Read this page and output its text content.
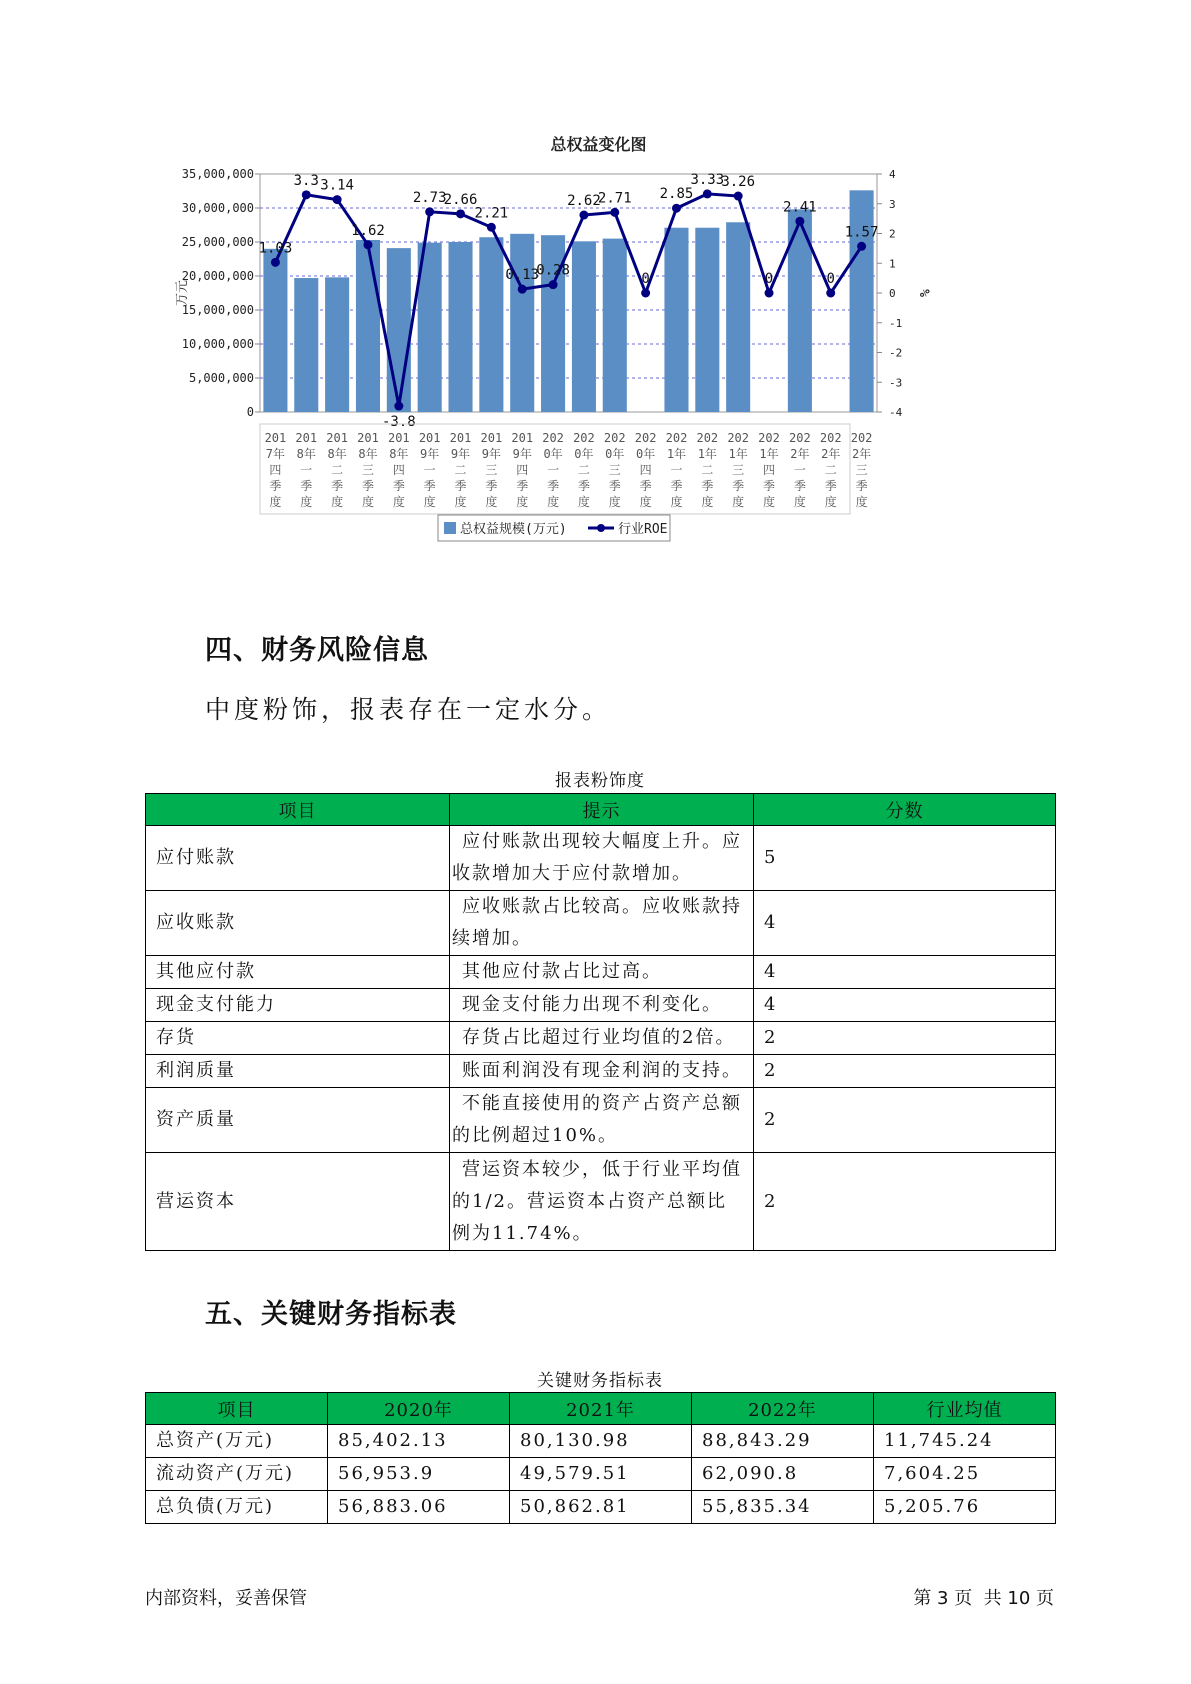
总权益变化图
0
5,000,000
10,000,000
15,000,000
20,000,000
25,000,000
30,000,000
35,000,000
-4
-3
-2
-1
0
1
2
3
4
万元	%
1.03
3.3 3.14
1.62
-3.8
2.73
2.66
2.21
0.13
0.28
2.62
2.71
0
2.85
3.33
3.26
0
2.41
0
1.57
201 7年四季度
201 8年一季度
201 8年二季度
201 8年三季度
201 8年四季度
201 9年一季度
201 9年二季度
201 9年三季度
201 9年四季度
202 0年一季度
202 0年二季度
202 0年三季度
202 0年四季度
202 1年一季度
202 1年二季度
202 1年三季度
202 1年四季度
202 2年一季度
202 2年二季度
202 2年三季度
总权益规模(万元)	行业ROE
四、财务风险信息
中度粉饰，报表存在一定水分。
报表粉饰度
项目	提示	分数
应付账款	应付账款出现较大幅度上升。应收款增加大于应付款增加。	5
应收账款	应收账款占比较高。应收账款持续增加。	4
其他应付款	其他应付款占比过高。	4
现金支付能力	现金支付能力出现不利变化。	4
存货	存货占比超过行业均值的2倍。	2
利润质量	账面利润没有现金利润的支持。	2
资产质量	不能直接使用的资产占资产总额的比例超过10%。	2
营运资本	营运资本较少，低于行业平均值的1/2。营运资本占资产总额比例为11.74%。	2
五、关键财务指标表
关键财务指标表
项目	2020年	2021年	2022年	行业均值
总资产(万元)	85,402.13	80,130.98	88,843.29	11,745.24
流动资产(万元)	56,953.9	49,579.51	62,090.8	7,604.25
总负债(万元)	56,883.06	50,862.81	55,835.34	5,205.76
内部资料，妥善保管	第 3 页  共 10 页
